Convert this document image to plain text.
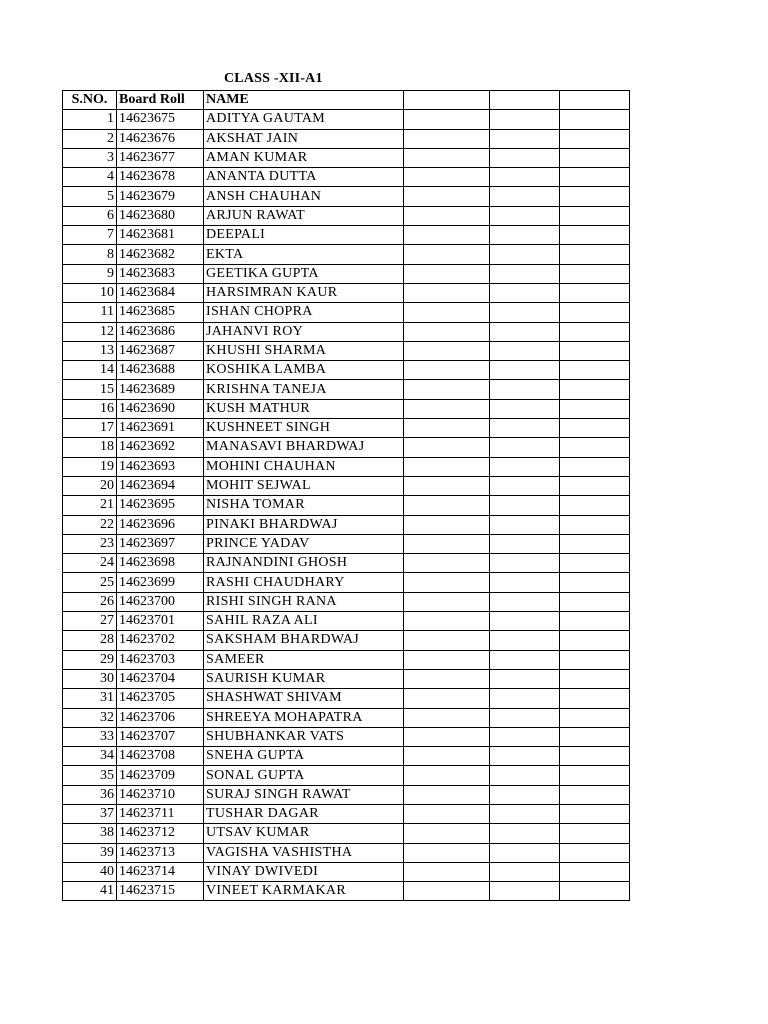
CLASS -XII-A1
S.NO.	Board Roll	NAME			
1	14623675	ADITYA GAUTAM			
2	14623676	AKSHAT JAIN			
3	14623677	AMAN KUMAR			
4	14623678	ANANTA DUTTA			
5	14623679	ANSH CHAUHAN			
6	14623680	ARJUN RAWAT			
7	14623681	DEEPALI			
8	14623682	EKTA			
9	14623683	GEETIKA GUPTA			
10	14623684	HARSIMRAN KAUR			
11	14623685	ISHAN CHOPRA			
12	14623686	JAHANVI ROY			
13	14623687	KHUSHI SHARMA			
14	14623688	KOSHIKA LAMBA			
15	14623689	KRISHNA TANEJA			
16	14623690	KUSH MATHUR			
17	14623691	KUSHNEET SINGH			
18	14623692	MANASAVI BHARDWAJ			
19	14623693	MOHINI CHAUHAN			
20	14623694	MOHIT SEJWAL			
21	14623695	NISHA TOMAR			
22	14623696	PINAKI BHARDWAJ			
23	14623697	PRINCE YADAV			
24	14623698	RAJNANDINI GHOSH			
25	14623699	RASHI CHAUDHARY			
26	14623700	RISHI SINGH RANA			
27	14623701	SAHIL RAZA ALI			
28	14623702	SAKSHAM BHARDWAJ			
29	14623703	SAMEER			
30	14623704	SAURISH KUMAR			
31	14623705	SHASHWAT SHIVAM			
32	14623706	SHREEYA MOHAPATRA			
33	14623707	SHUBHANKAR VATS			
34	14623708	SNEHA GUPTA			
35	14623709	SONAL GUPTA			
36	14623710	SURAJ SINGH RAWAT			
37	14623711	TUSHAR DAGAR			
38	14623712	UTSAV KUMAR			
39	14623713	VAGISHA VASHISTHA			
40	14623714	VINAY DWIVEDI			
41	14623715	VINEET KARMAKAR			
